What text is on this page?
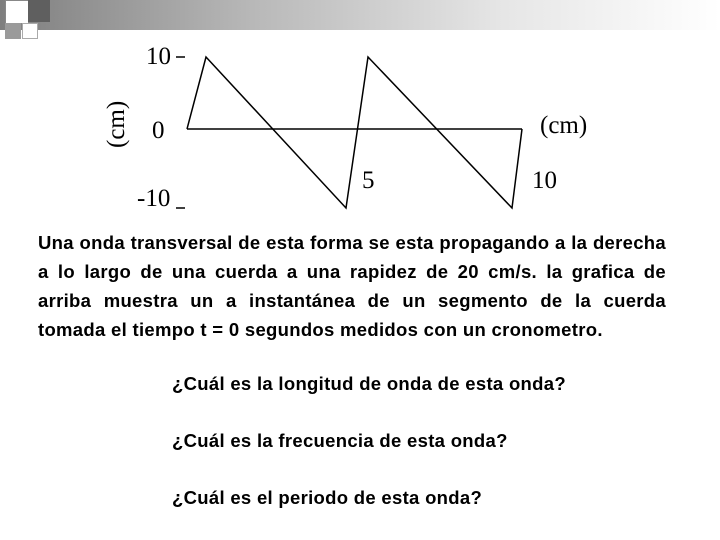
10
0
-10
(cm)
5	10
(cm)

Una onda transversal de esta forma se esta propagando a la derecha a lo largo de una cuerda a una rapidez de 20 cm/s. la grafica de arriba muestra un a instantánea de un segmento de la cuerda tomada el tiempo t = 0 segundos medidos con un cronometro.

¿Cuál es la longitud de onda de esta onda?

¿Cuál es la frecuencia de esta onda?

¿Cuál es el periodo de esta onda?
